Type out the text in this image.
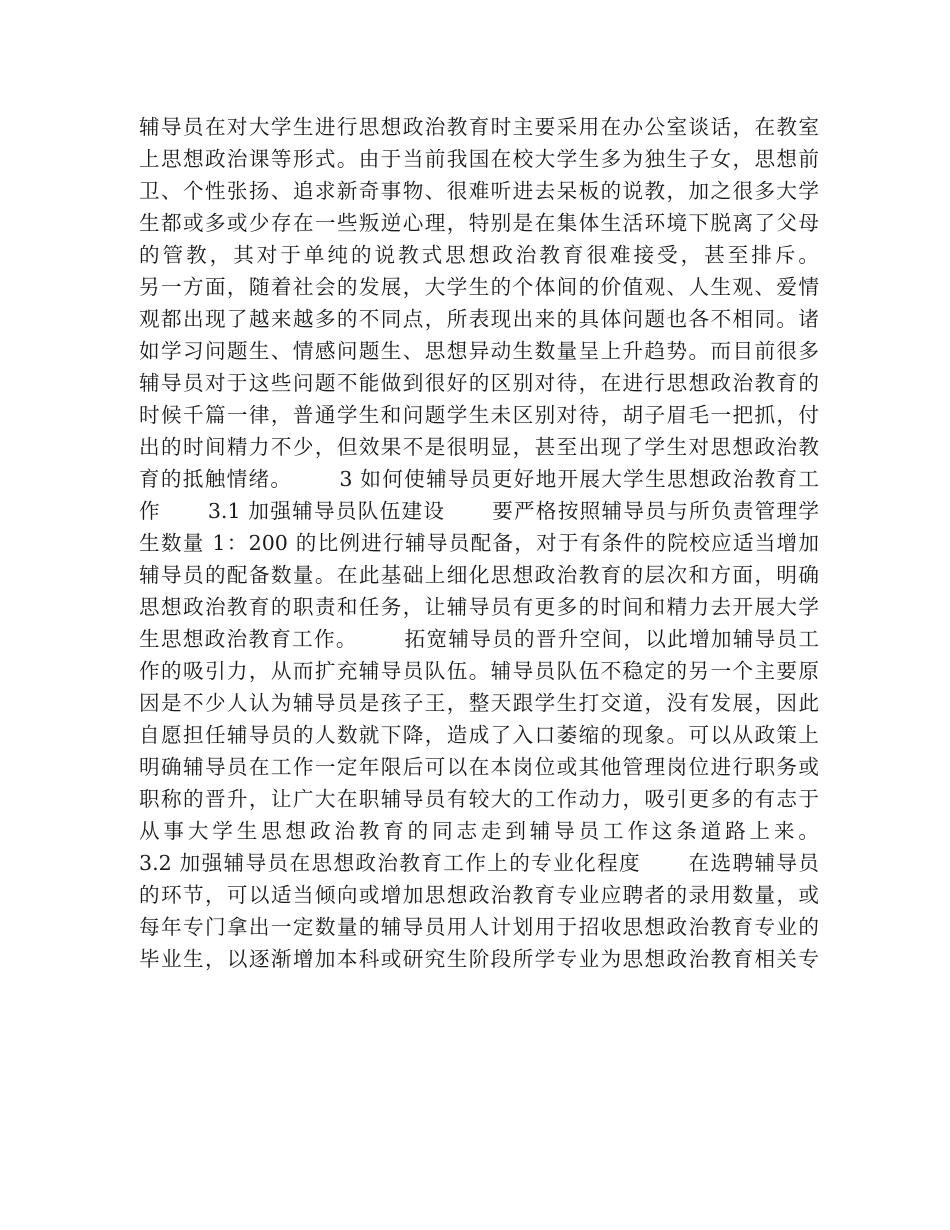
辅导员在对大学生进行思想政治教育时主要采用在办公室谈话，在教室
上思想政治课等形式。由于当前我国在校大学生多为独生子女，思想前
卫、个性张扬、追求新奇事物、很难听进去呆板的说教，加之很多大学
生都或多或少存在一些叛逆心理，特别是在集体生活环境下脱离了父母
的管教，其对于单纯的说教式思想政治教育很难接受，甚至排斥。
另一方面，随着社会的发展，大学生的个体间的价值观、人生观、爱情
观都出现了越来越多的不同点，所表现出来的具体问题也各不相同。诸
如学习问题生、情感问题生、思想异动生数量呈上升趋势。而目前很多
辅导员对于这些问题不能做到很好的区别对待，在进行思想政治教育的
时候千篇一律，普通学生和问题学生未区别对待，胡子眉毛一把抓，付
出的时间精力不少，但效果不是很明显，甚至出现了学生对思想政治教
育的抵触情绪。      3 如何使辅导员更好地开展大学生思想政治教育工
作      3.1 加强辅导员队伍建设      要严格按照辅导员与所负责管理学
生数量 1：200 的比例进行辅导员配备，对于有条件的院校应适当增加
辅导员的配备数量。在此基础上细化思想政治教育的层次和方面，明确
思想政治教育的职责和任务，让辅导员有更多的时间和精力去开展大学
生思想政治教育工作。      拓宽辅导员的晋升空间，以此增加辅导员工
作的吸引力，从而扩充辅导员队伍。辅导员队伍不稳定的另一个主要原
因是不少人认为辅导员是孩子王，整天跟学生打交道，没有发展，因此
自愿担任辅导员的人数就下降，造成了入口萎缩的现象。可以从政策上
明确辅导员在工作一定年限后可以在本岗位或其他管理岗位进行职务或
职称的晋升，让广大在职辅导员有较大的工作动力，吸引更多的有志于
从事大学生思想政治教育的同志走到辅导员工作这条道路上来。
3.2 加强辅导员在思想政治教育工作上的专业化程度      在选聘辅导员
的环节，可以适当倾向或增加思想政治教育专业应聘者的录用数量，或
每年专门拿出一定数量的辅导员用人计划用于招收思想政治教育专业的
毕业生，以逐渐增加本科或研究生阶段所学专业为思想政治教育相关专
